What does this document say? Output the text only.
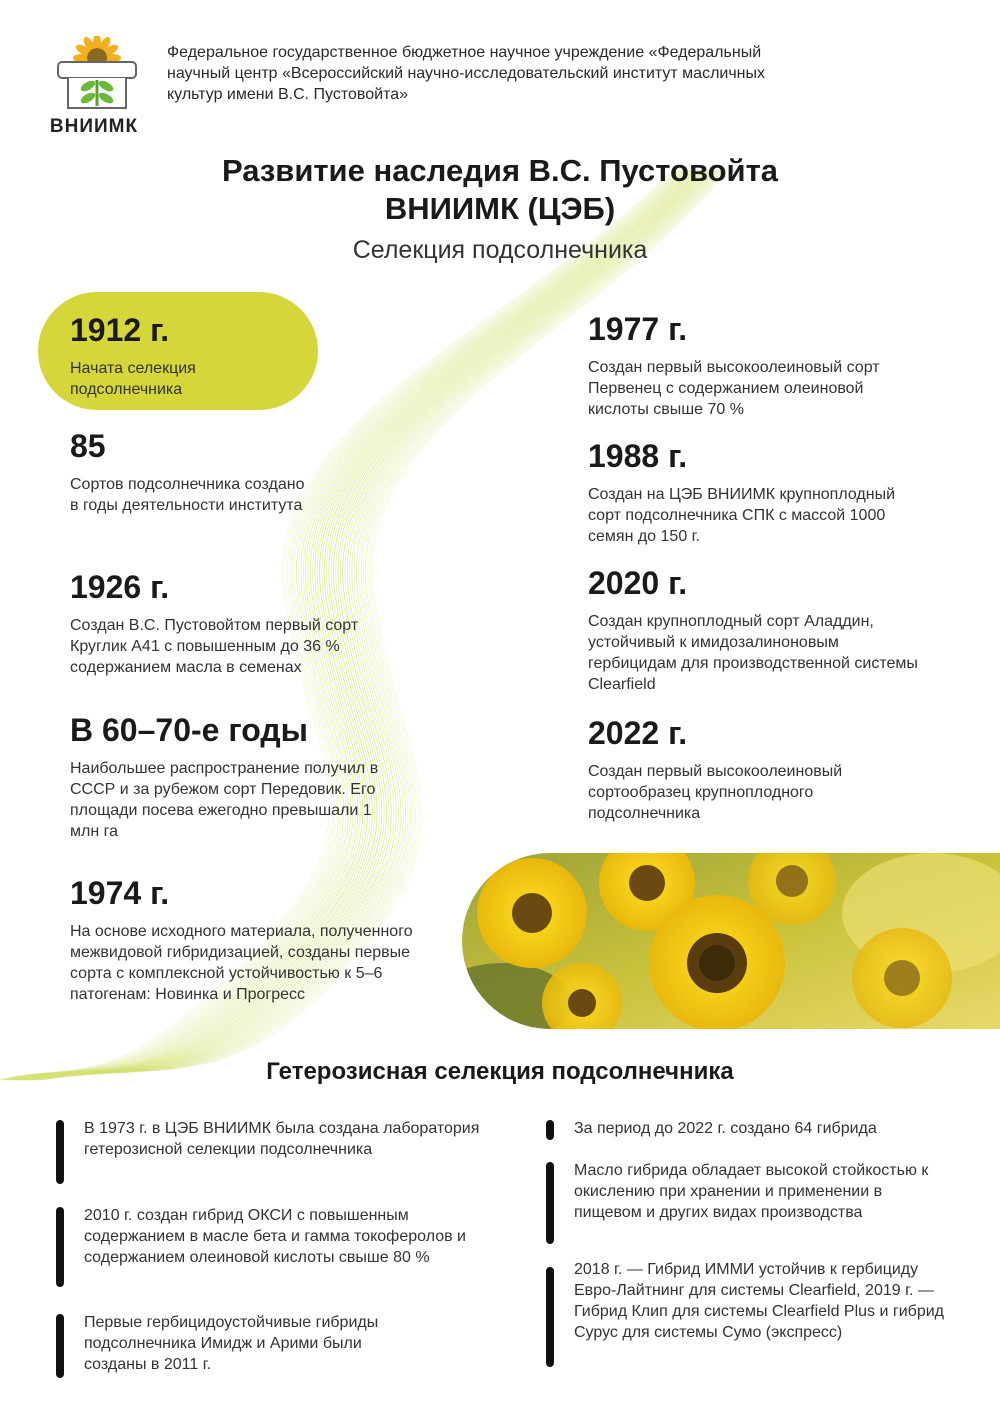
ВНИИМК
Федеральное государственное бюджетное научное учреждение «Федеральный научный центр «Всероссийский научно-исследовательский институт масличных культур имени В.С. Пустовойта»
Развитие наследия В.С. Пустовойта
ВНИИМК (ЦЭБ)
Селекция подсолнечника
1912 г.
Начата селекция подсолнечника
85
Сортов подсолнечника создано в годы деятельности института
1926 г.
Создан В.С. Пустовойтом первый сорт Круглик А41 с повышенным до 36 % содержанием масла в семенах
В 60–70-е годы
Наибольшее распространение получил в СССР и за рубежом сорт Передовик. Его площади посева ежегодно превышали 1 млн га
1974 г.
На основе исходного материала, полученного межвидовой гибридизацией, созданы первые сорта с комплексной устойчивостью к 5–6 патогенам: Новинка и Прогресс
1977 г.
Создан первый высокоолеиновый сорт Первенец с содержанием олеиновой кислоты свыше 70 %
1988 г.
Создан на ЦЭБ ВНИИМК крупноплодный сорт подсолнечника СПК с массой 1000 семян до 150 г.
2020 г.
Создан крупноплодный сорт Аладдин, устойчивый к имидозалиноновым гербицидам для производственной системы Clearfield
2022 г.
Создан первый высокоолеиновый сортообразец крупноплодного подсолнечника
Гетерозисная селекция подсолнечника
В 1973 г. в ЦЭБ ВНИИМК была создана лаборатория гетерозисной селекции подсолнечника
2010 г. создан гибрид ОКСИ с повышенным содержанием в масле бета и гамма токоферолов и содержанием олеиновой кислоты свыше 80 %
Первые гербицидоустойчивые гибриды подсолнечника Имидж и Арими были созданы в 2011 г.
За период до 2022 г. создано 64 гибрида
Масло гибрида обладает высокой стойкостью к окислению при хранении и применении в пищевом и других видах производства
2018 г. — Гибрид ИММИ устойчив к гербициду Евро-Лайтнинг для системы Clearfield, 2019 г. — Гибрид Клип для системы Clearfield Plus и гибрид Сурус для системы Сумо (экспресс)
